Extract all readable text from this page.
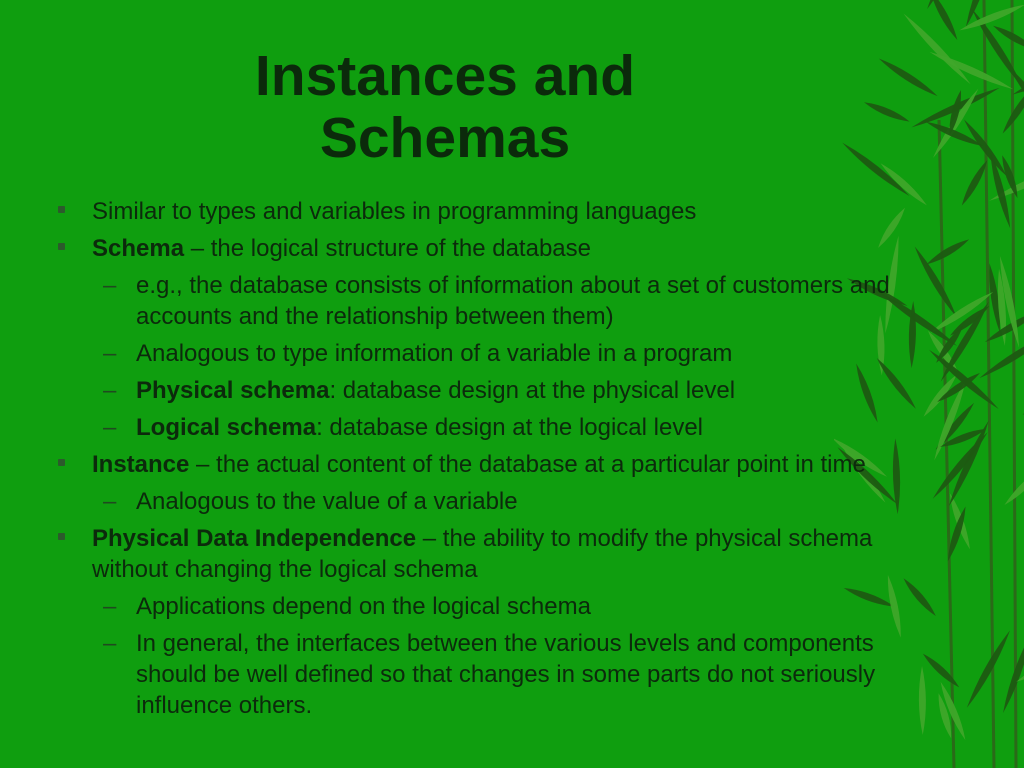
Instances and
Schemas
Similar to types and variables in programming languages
Schema – the logical structure of the database
– e.g., the database consists of information about a set of customers and accounts and the relationship between them)
– Analogous to type information of a variable in a program
– Physical schema: database design at the physical level
– Logical schema: database design at the logical level
Instance – the actual content of the database at a particular point in time
– Analogous to the value of a variable
Physical Data Independence – the ability to modify the physical schema without changing the logical schema
– Applications depend on the logical schema
– In general, the interfaces between the various levels and components should be well defined so that changes in some parts do not seriously influence others.
